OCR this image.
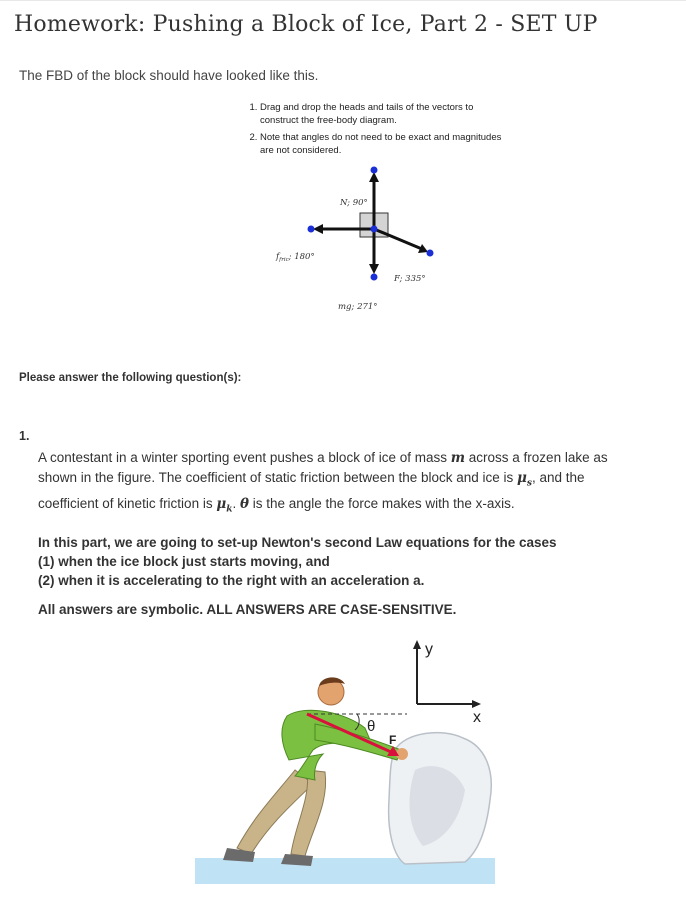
Homework: Pushing a Block of Ice, Part 2 - SET UP
The FBD of the block should have looked like this.
1. Drag and drop the heads and tails of the vectors to construct the free-body diagram.
2. Note that angles do not need to be exact and magnitudes are not considered.
N; 90°
$f_{fric}$; 180°
F; 335°
mg; 271°
Please answer the following question(s):
1.

A contestant in a winter sporting event pushes a block of ice of mass m across a frozen lake as shown in the figure. The coefficient of static friction between the block and ice is $\mu_s$, and the coefficient of kinetic friction is $\mu_k$. θ is the angle the force makes with the x-axis.

In this part, we are going to set-up Newton's second Law equations for the cases
(1) when the ice block just starts moving, and
(2) when it is accelerating to the right with an acceleration a.

All answers are symbolic. ALL ANSWERS ARE CASE-SENSITIVE.

θ
F
y
x
